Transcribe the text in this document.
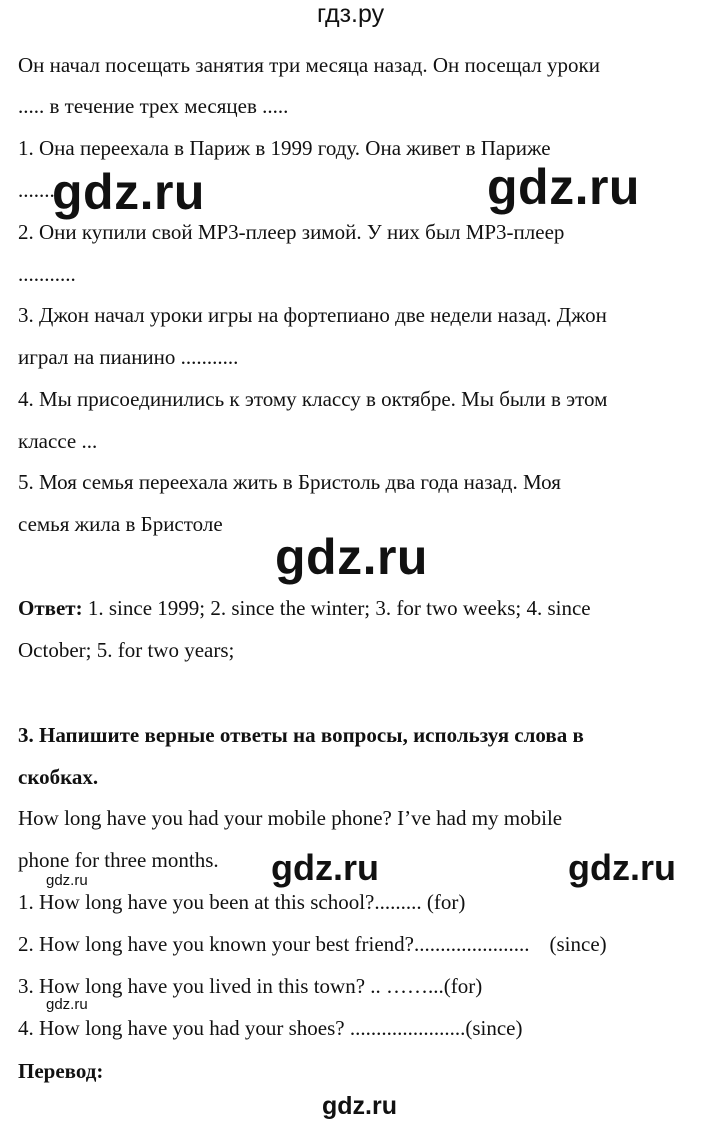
гдз.ру
Он начал посещать занятия три месяца назад. Он посещал уроки
..... в течение трех месяцев .....
1. Она переехала в Париж в 1999 году. Она живет в Париже
........
2. Они купили свой MP3-плеер зимой. У них был MP3-плеер
...........
3. Джон начал уроки игры на фортепиано две недели назад. Джон
играл на пианино ...........
4. Мы присоединились к этому классу в октябре. Мы были в этом
классе ...
5. Моя семья переехала жить в Бристоль два года назад. Моя
семья жила в Бристоле
Ответ: 1. since 1999; 2. since the winter; 3. for two weeks; 4. since
October; 5. for two years;
3. Напишите верные ответы на вопросы, используя слова в
скобках.
How long have you had your mobile phone? I’ve had my mobile
phone for three months.
1. How long have you been at this school?......... (for)
2. How long have you known your best friend?...................... (since)
3. How long have you lived in this town? .. ……...(for)
4. How long have you had your shoes? ......................(since)
Перевод:
gdz.ru	gdz.ru
gdz.ru
gdz.ru	gdz.ru
gdz.ru
gdz.ru
gdz.ru
